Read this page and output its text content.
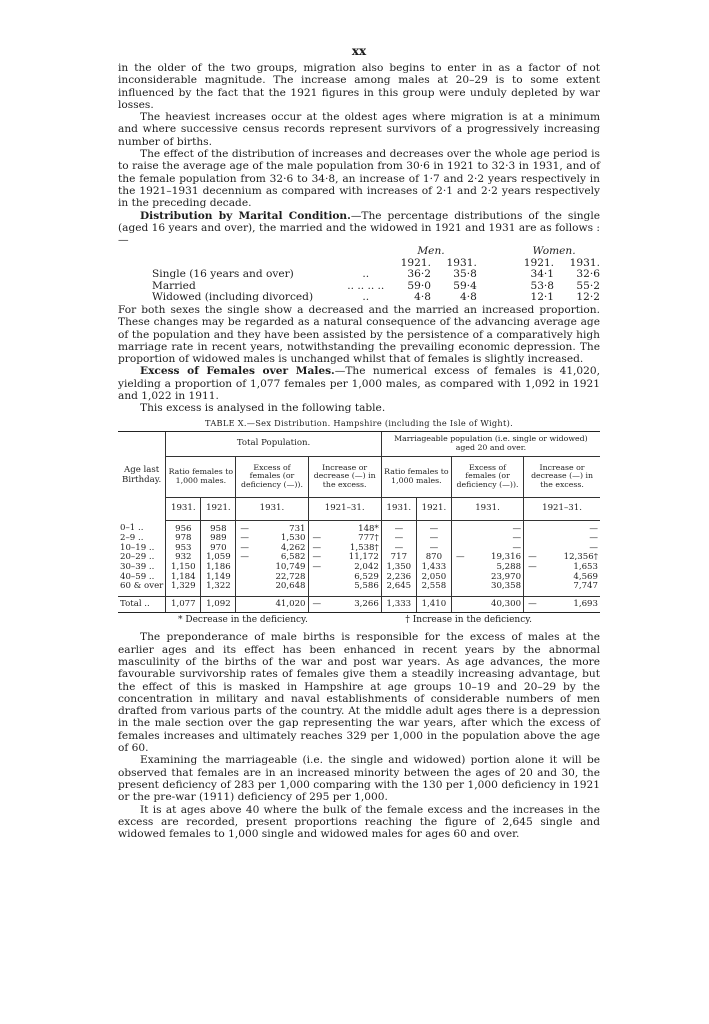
xx

in the older of the two groups, migration also begins to enter in as a factor of not inconsiderable magnitude. The increase among males at 20–29 is to some extent influenced by the fact that the 1921 figures in this group were unduly depleted by war losses.

The heaviest increases occur at the oldest ages where migration is at a minimum and where successive census records represent survivors of a progressively increasing number of births.

The effect of the distribution of increases and decreases over the whole age period is to raise the average age of the male population from 30·6 in 1921 to 32·3 in 1931, and of the female population from 32·6 to 34·8, an increase of 1·7 and 2·2 years respectively in the 1921–1931 decennium as compared with increases of 2·1 and 2·2 years respectively in the preceding decade.

Distribution by Marital Condition.—The percentage distributions of the single (aged 16 years and over), the married and the widowed in 1921 and 1931 are as follows :—

		Men.			Women.	
		1921.	1931.		1921.	1931.
Single (16 years and over)	..	36·2	35·8		34·1	32·6
Married	.. .. .. ..	59·0	59·4		53·8	55·2
Widowed (including divorced)	..	4·8	4·8		12·1	12·2

For both sexes the single show a decreased and the married an increased proportion. These changes may be regarded as a natural consequence of the advancing average age of the population and they have been assisted by the persistence of a comparatively high marriage rate in recent years, notwithstanding the prevailing economic depression. The proportion of widowed males is unchanged whilst that of females is slightly increased.

Excess of Females over Males.—The numerical excess of females is 41,020, yielding a proportion of 1,077 females per 1,000 males, as compared with 1,092 in 1921 and 1,022 in 1911.

This excess is analysed in the following table.

TABLE X.—Sex Distribution. Hampshire (including the Isle of Wight).
Age last Birthday.	Total Population.						Marriageable population (i.e. single or widowed) aged 20 and over.					
	Ratio females to 1,000 males.		Excess of females (or deficiency (—)).		Increase or decrease (—) in the excess.		Ratio females to 1,000 males.		Excess of females (or deficiency (—)).		Increase or decrease (—) in the excess.	
	1931.	1921.	1931.		1921–31.		1931.	1921.	1931.		1921–31.	
0–1 ..	956	958	—	731		148*	—	—		—		—
2–9 ..	978	989	—	1,530	—	777†	—	—		—		—
10–19 ..	953	970	—	4,262	—	1,538†	—	—		—		—
20–29 ..	932	1,059	—	6,582	—	11,172	717	870	—	19,316	—	12,356†
30–39 ..	1,150	1,186		10,749	—	2,042	1,350	1,433		5,288	—	1,653
40–59 ..	1,184	1,149		22,728		6,529	2,236	2,050		23,970		4,569
60 & over	1,329	1,322		20,648		5,586	2,645	2,558		30,358		7,747
Total ..	1,077	1,092		41,020	—	3,266	1,333	1,410		40,300	—	1,693
* Decrease in the deficiency.	† Increase in the deficiency.

The preponderance of male births is responsible for the excess of males at the earlier ages and its effect has been enhanced in recent years by the abnormal masculinity of the births of the war and post war years. As age advances, the more favourable survivorship rates of females give them a steadily increasing advantage, but the effect of this is masked in Hampshire at age groups 10–19 and 20–29 by the concentration in military and naval establishments of considerable numbers of men drafted from various parts of the country. At the middle adult ages there is a depression in the male section over the gap representing the war years, after which the excess of females increases and ultimately reaches 329 per 1,000 in the population above the age of 60.

Examining the marriageable (i.e. the single and widowed) portion alone it will be observed that females are in an increased minority between the ages of 20 and 30, the present deficiency of 283 per 1,000 comparing with the 130 per 1,000 deficiency in 1921 or the pre-war (1911) deficiency of 295 per 1,000.

It is at ages above 40 where the bulk of the female excess and the increases in the excess are recorded, present proportions reaching the figure of 2,645 single and widowed females to 1,000 single and widowed males for ages 60 and over.
